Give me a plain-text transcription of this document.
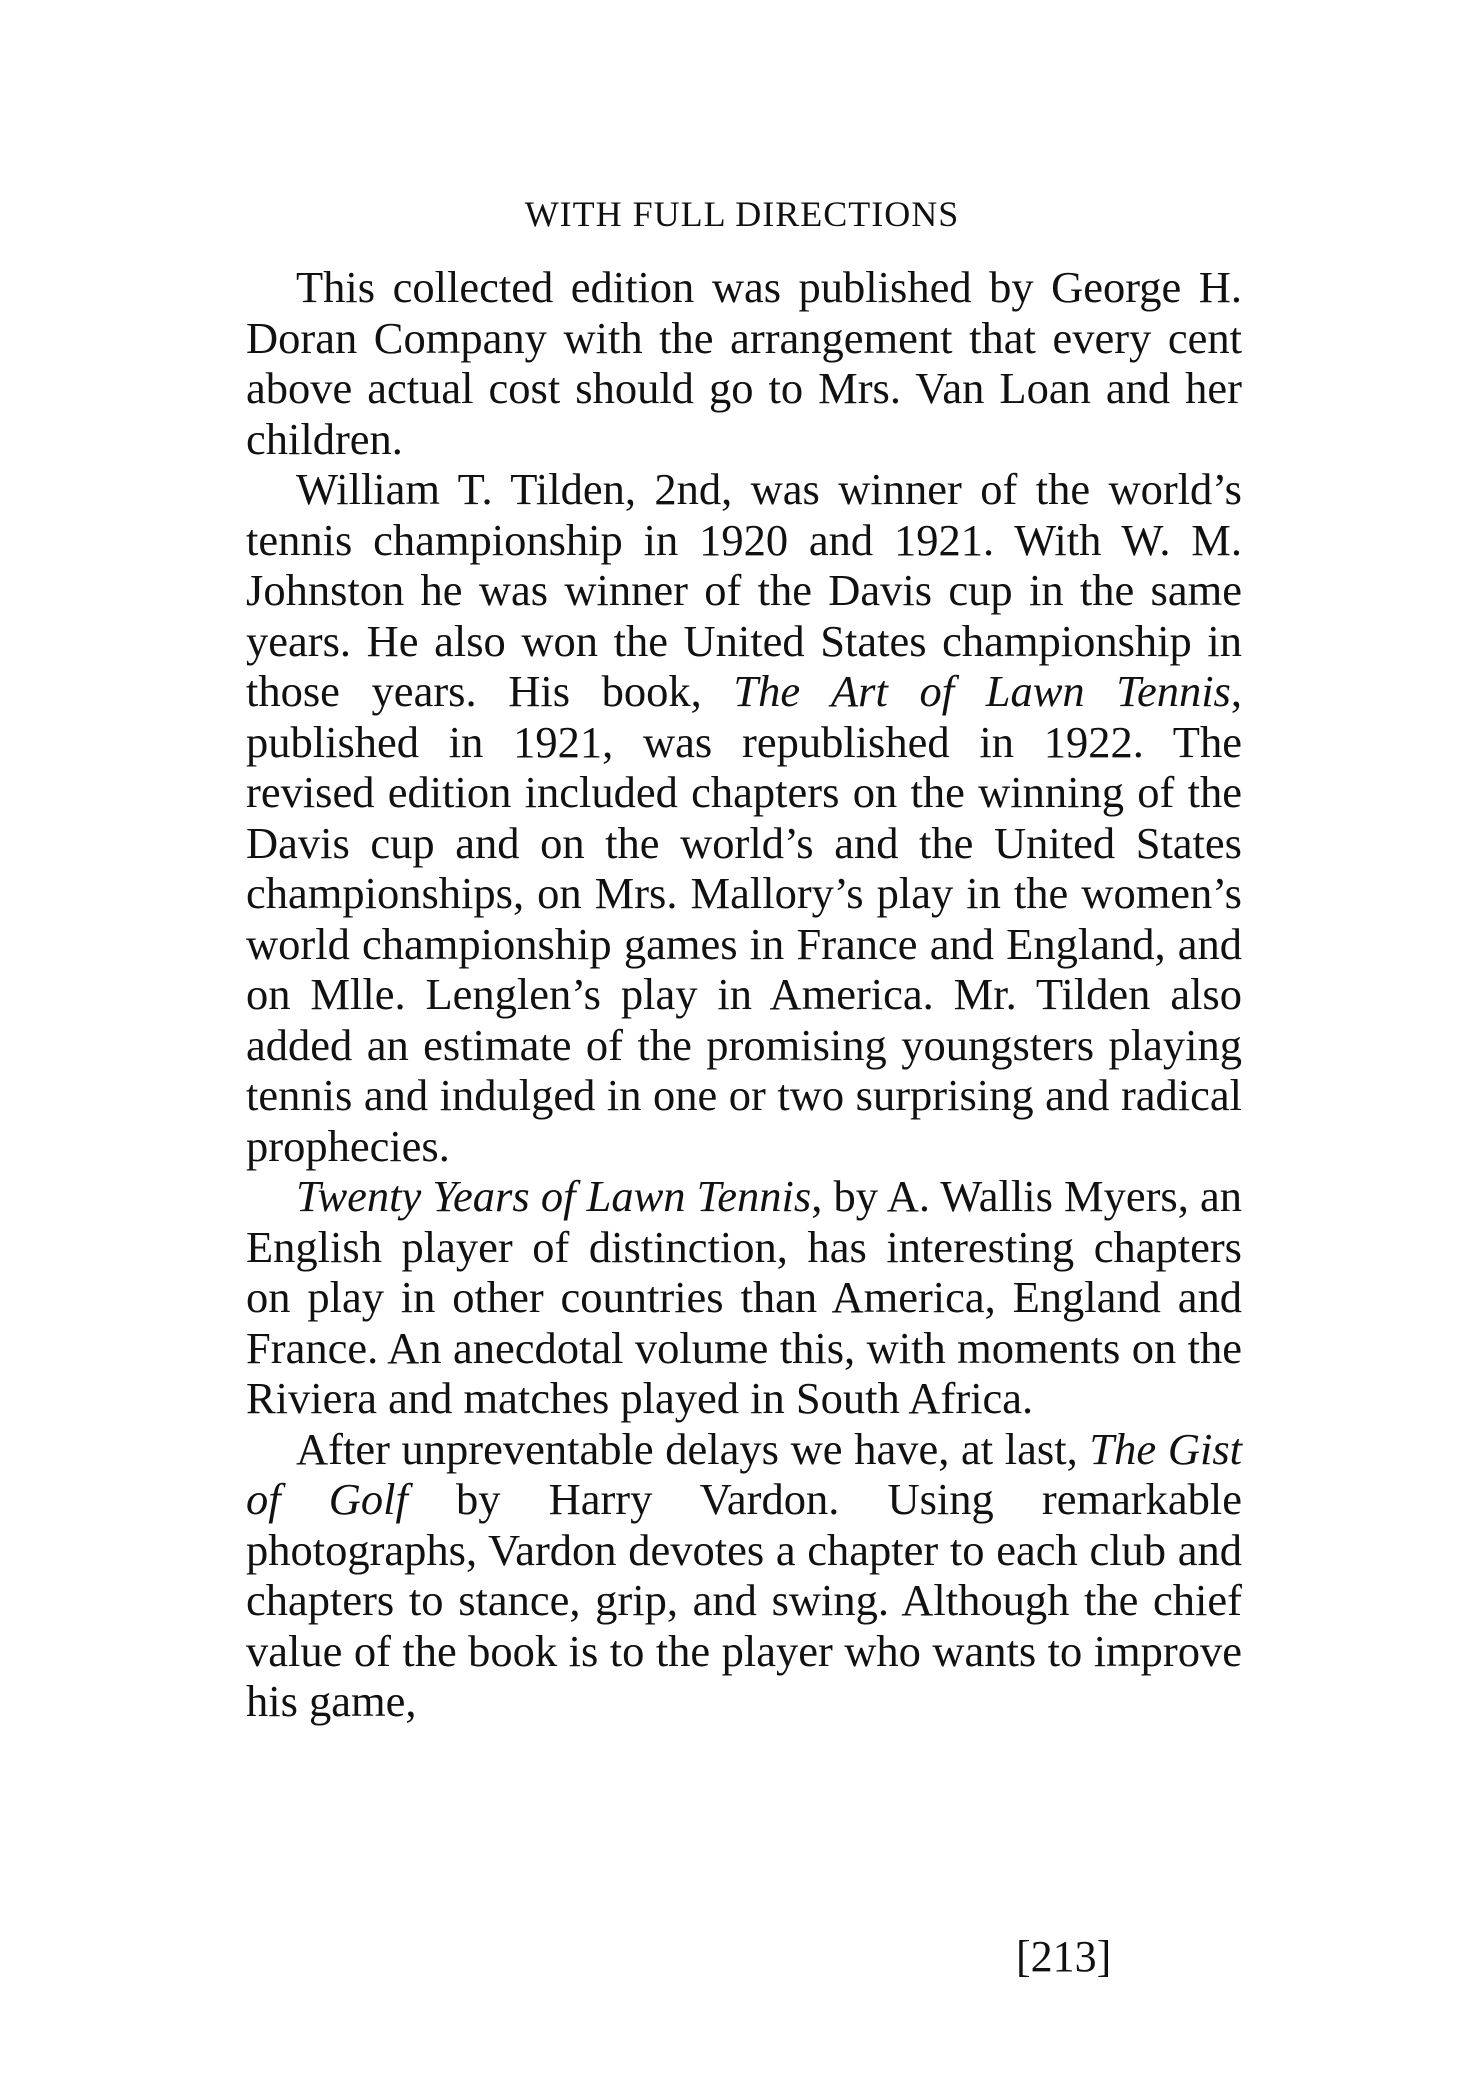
WITH FULL DIRECTIONS

This collected edition was published by George H. Doran Company with the arrangement that every cent above actual cost should go to Mrs. Van Loan and her children.

William T. Tilden, 2nd, was winner of the world’s tennis championship in 1920 and 1921. With W. M. Johnston he was winner of the Davis cup in the same years. He also won the United States championship in those years. His book, The Art of Lawn Tennis, published in 1921, was republished in 1922. The revised edition included chapters on the winning of the Davis cup and on the world’s and the United States championships, on Mrs. Mallory’s play in the women’s world championship games in France and England, and on Mlle. Lenglen’s play in America. Mr. Tilden also added an estimate of the promising youngsters playing tennis and indulged in one or two surprising and radical prophecies.

Twenty Years of Lawn Tennis, by A. Wallis Myers, an English player of distinction, has interesting chapters on play in other countries than America, England and France. An anecdotal volume this, with moments on the Riviera and matches played in South Africa.

After unpreventable delays we have, at last, The Gist of Golf by Harry Vardon. Using remarkable photographs, Vardon devotes a chapter to each club and chapters to stance, grip, and swing. Although the chief value of the book is to the player who wants to improve his game,

[213]
